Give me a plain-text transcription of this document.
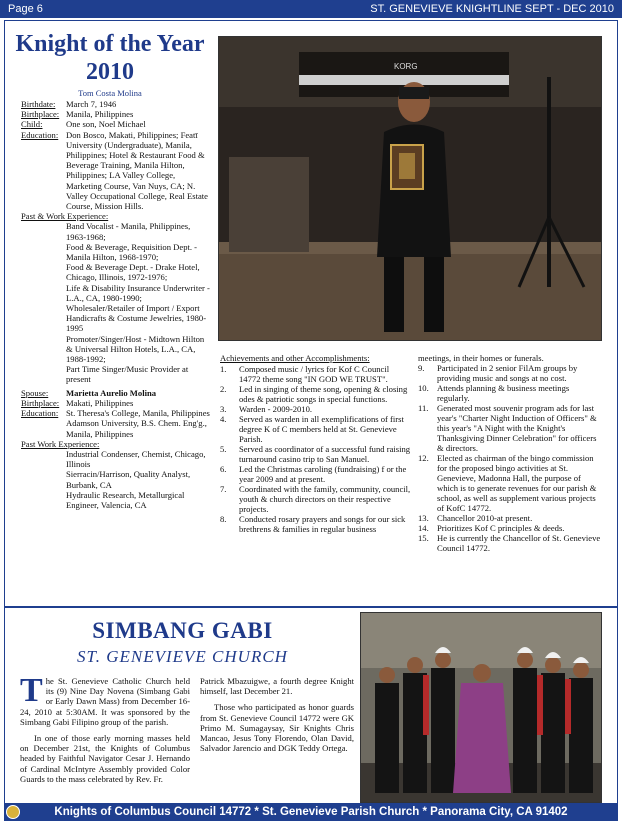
Page 6	ST. GENEVIEVE KNIGHTLINE SEPT - DEC 2010
Knight of the Year 2010
Tom Costa Molina
Birthdate:	March 7, 1946
Birthplace: Manila, Philippines
Child:	One son, Noel Michael
Education: Don Bosco, Makati, Philippines; Featī University (Undergraduate), Manila, Philippines; Hotel & Restaurant Food & Beverage Training, Manila Hilton, Philippines; LA Valley College, Marketing Course, Van Nuys, CA; N. Valley Occupational College, Real Estate Course, Mission Hills.
Past & Work Experience:
Band Vocalist - Manila, Philippines, 1963-1968;
Food & Beverage, Requisition Dept. - Manila Hilton, 1968-1970;
Food & Beverage Dept. - Drake Hotel, Chicago, Illinois, 1972-1976;
Life & Disability Insurance Underwriter - L.A., CA, 1980-1990;
Wholesaler/Retailer of Import / Export Handicrafts & Costume Jewelries, 1980-1995
Promoter/Singer/Host - Midtown Hilton & Universal Hilton Hotels, L.A., CA, 1988-1992;
Part Time Singer/Music Provider at present
Spouse:	Marietta Aurelio Molina
Birthplace: Makati, Philippines
Education: St. Theresa's College, Manila, Philippines
Adamson University, B.S. Chem. Eng'g., Manila, Philippines
Past Work Experience:
Industrial Condenser, Chemist, Chicago, Illinois
Sierracin/Harrison, Quality Analyst, Burbank, CA
Hydraulic Research, Metallurgical Engineer, Valencia, CA
KORG
Achievements and other Accomplishments:
1.	Composed music / lyrics for Kof C Council 14772 theme song "IN GOD WE TRUST".
2.	Led in singing of theme song, opening & closing odes & patriotic songs in special functions.
3.	Warden - 2009-2010.
4.	Served as warden in all exemplifications of first degree K of C members held at St. Genevieve Parish.
5.	Served as coordinator of a successful fund raising turnaround casino trip to San Manuel.
6.	Led the Christmas caroling (fundraising) f or the year 2009 and at present.
7.	Coordinated with the family, community, council, youth & church directors on their respective projects.
8.	Conducted rosary prayers and songs for our sick brethrens & families in regular business
meetings, in their homes or funerals.
9.	Participated in 2 senior FilAm groups by providing music and songs at no cost.
10. Attends planning & business meetings regularly.
11. Generated most souvenir program ads for last year's "Charter Night Induction of Officers" & this year's "A Night with the Knight's Thanksgiving Dinner Celebration" for officers & directors.
12. Elected as chairman of the bingo commission for the proposed bingo activities at St. Genevieve, Madonna Hall, the purpose of which is to generate revenues for our parish & school, as well as supplement various projects of KofC 14772.
13. Chancellor 2010-at present.
14. Prioritizes Kof C principles & deeds.
15. He is currently the Chancellor of St. Genevieve Council 14772.
SIMBANG GABI
ST. GENEVIEVE CHURCH

The St. Genevieve Catholic Church held its (9) Nine Day Novena (Simbang Gabi or Early Dawn Mass) from December 16-24, 2010 at 5:30AM. It was sponsored by the Simbang Gabi Filipino group of the parish.

In one of those early morning masses held on December 21st, the Knights of Columbus headed by Faithful Navigator Cesar J. Hernando of Cardinal McIntyre Assembly provided Color Guards to the mass celebrated by Rev. Fr.

Patrick Mbazuigwe, a fourth degree Knight himself, last December 21.

Those who participated as honor guards from St. Genevieve Council 14772 were GK Primo M. Sumagaysay, Sir Knights Chris Mancao, Jesus Tony Florendo, Olan David, Salvador Jarencio and DGK Teddy Ortega.

Knights of Columbus Council 14772 * St. Genevieve Parish Church * Panorama City, CA 91402
